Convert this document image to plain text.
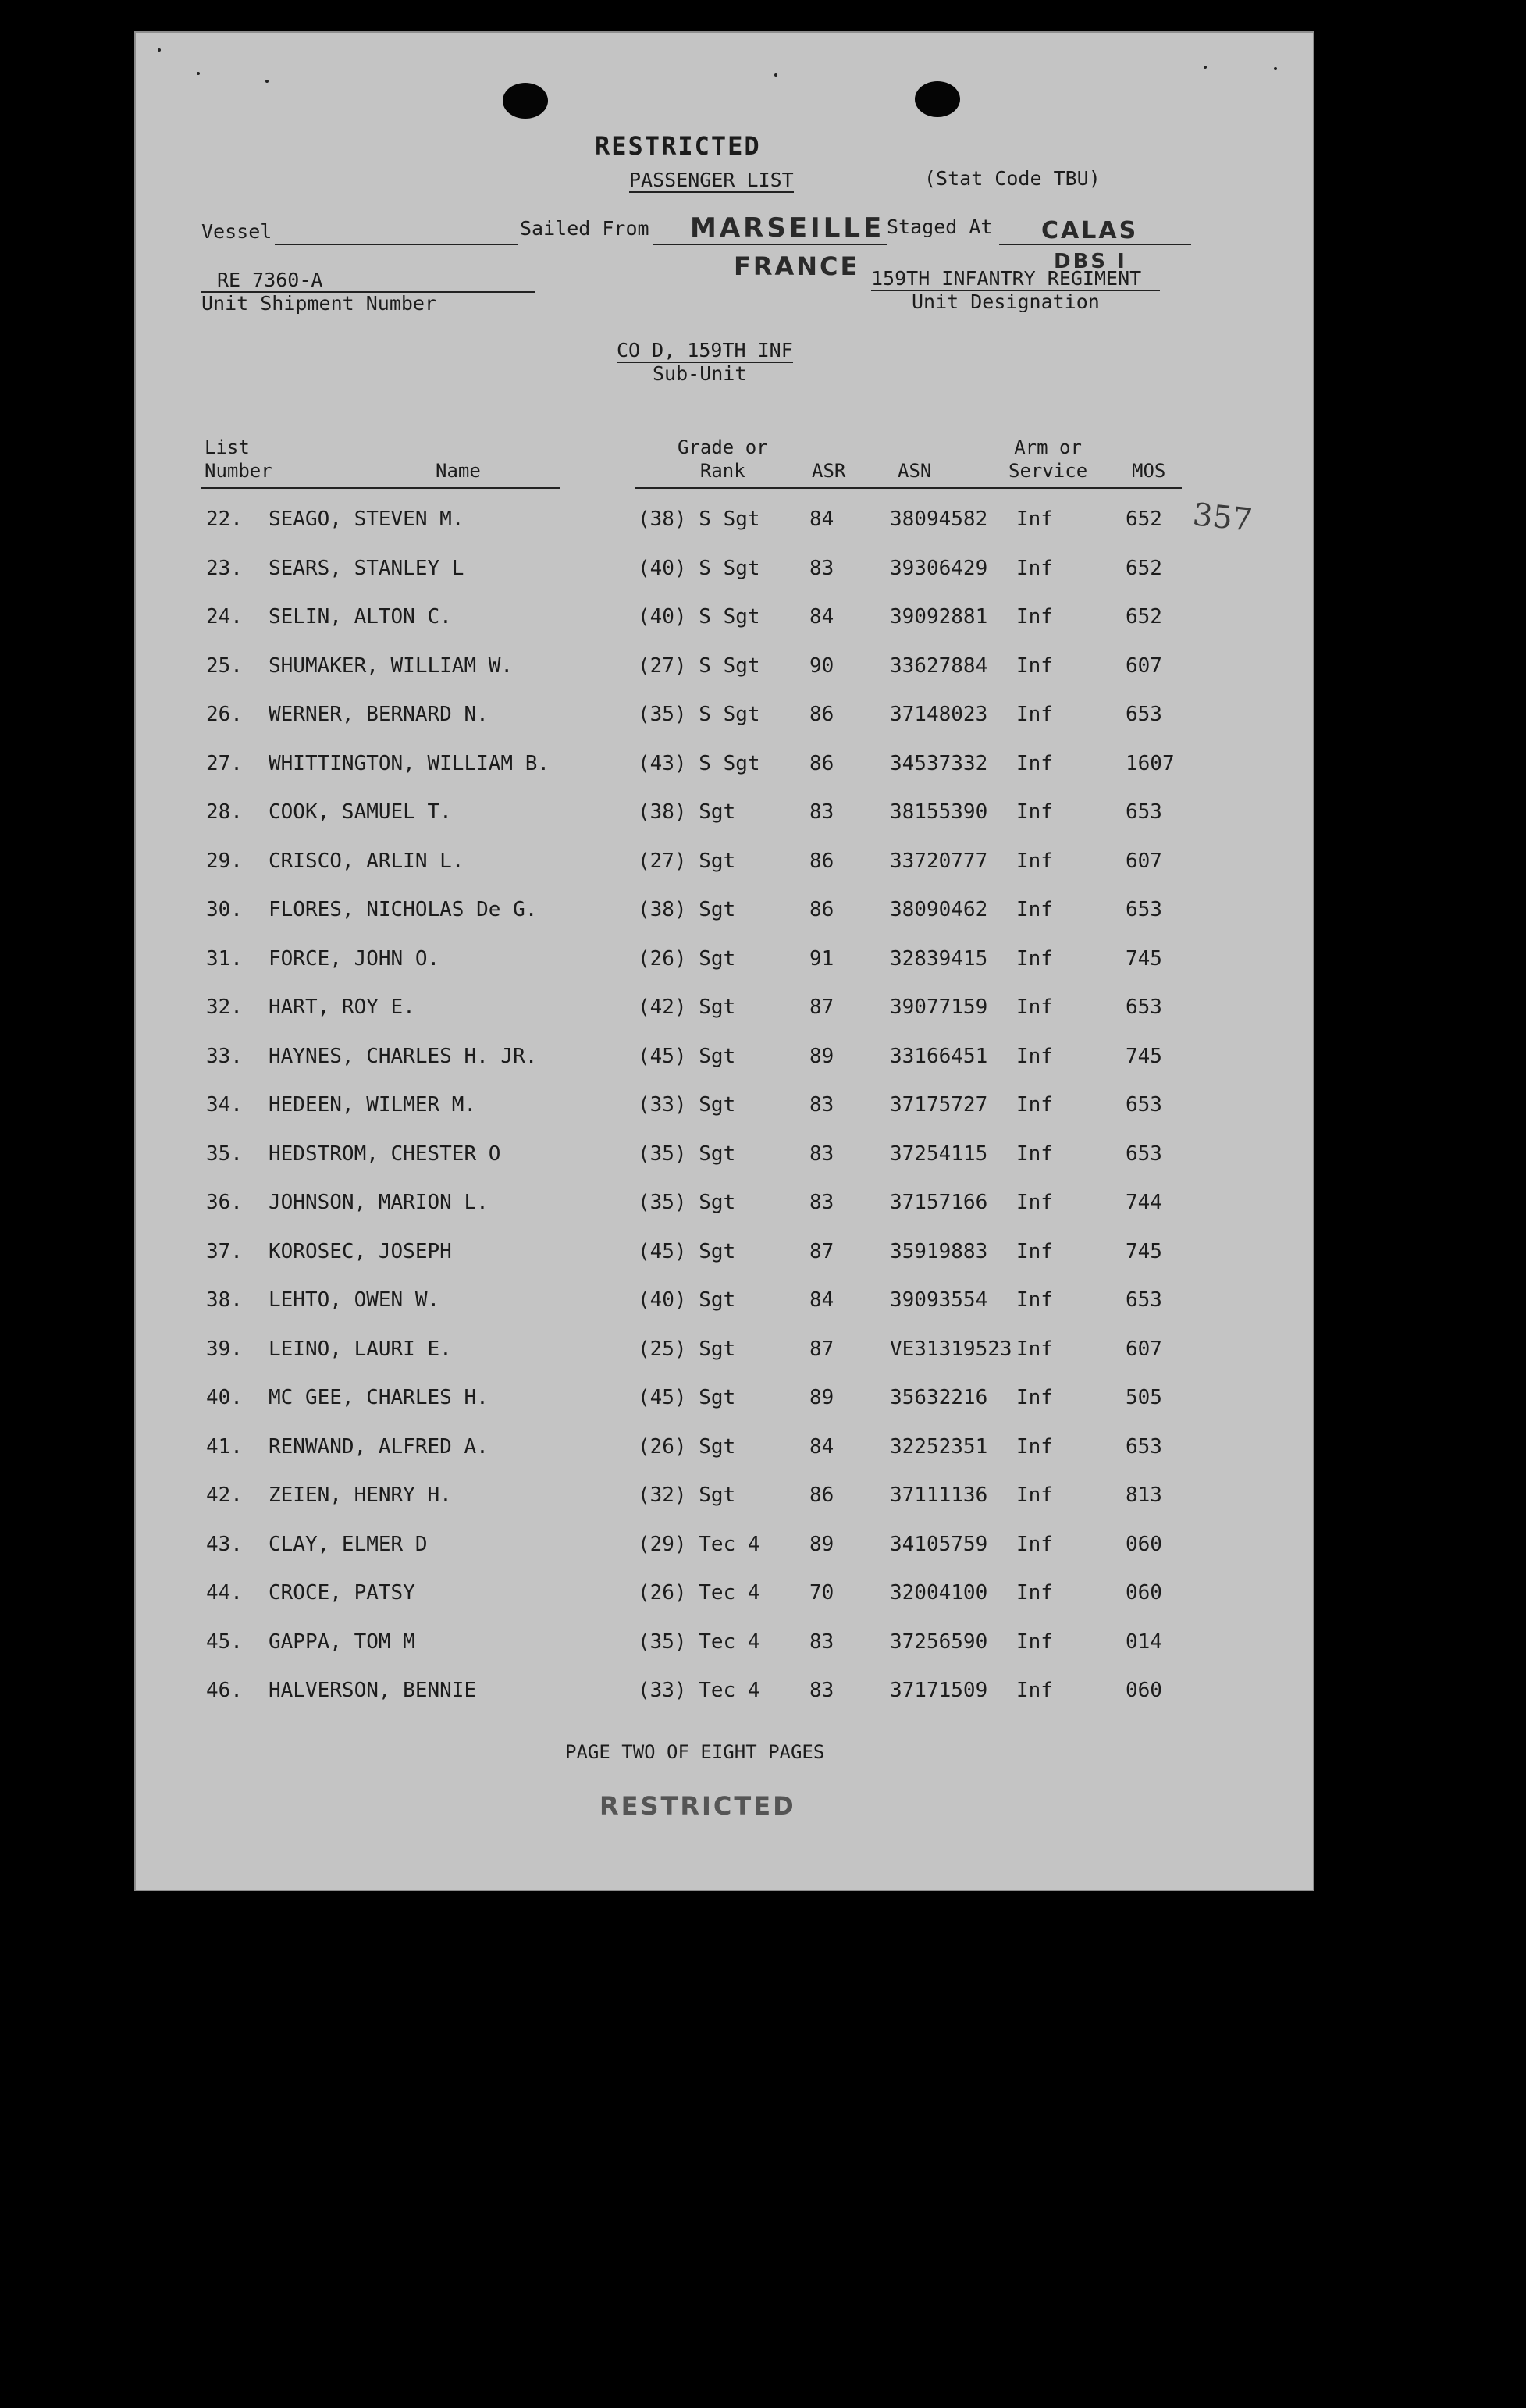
RESTRICTED
PASSENGER LIST	(Stat Code TBU)
Vessel	Sailed From MARSEILLE
FRANCE
Staged At CALAS
DBS I
RE 7360-A
Unit Shipment Number
159TH INFANTRY REGIMENT
Unit Designation
CO D, 159TH INF
Sub-Unit
List
Number	Name
Grade or
Rank	ASR	ASN
Arm or
Service MOS
357
22. SEAGO, STEVEN M.	(38) S Sgt 84	38094582 Inf	652
23. SEARS, STANLEY L	(40) S Sgt 83	39306429 Inf	652
24. SELIN, ALTON C.	(40) S Sgt 84	39092881 Inf	652
25. SHUMAKER, WILLIAM W.	(27) S Sgt 90	33627884 Inf	607
26. WERNER, BERNARD N.	(35) S Sgt 86	37148023 Inf	653
27. WHITTINGTON, WILLIAM B.	(43) S Sgt 86	34537332 Inf	1607
28. COOK, SAMUEL T.	(38) Sgt	83	38155390 Inf	653
29. CRISCO, ARLIN L.	(27) Sgt	86	33720777 Inf	607
30. FLORES, NICHOLAS De G.	(38) Sgt	86	38090462 Inf	653
31. FORCE, JOHN O.	(26) Sgt	91	32839415 Inf	745
32. HART, ROY E.	(42) Sgt	87	39077159 Inf	653
33. HAYNES, CHARLES H. JR.	(45) Sgt	89	33166451 Inf	745
34. HEDEEN, WILMER M.	(33) Sgt	83	37175727 Inf	653
35. HEDSTROM, CHESTER O	(35) Sgt	83	37254115 Inf	653
36. JOHNSON, MARION L.	(35) Sgt	83	37157166 Inf	744
37. KOROSEC, JOSEPH	(45) Sgt	87	35919883 Inf	745
38. LEHTO, OWEN W.	(40) Sgt	84	39093554 Inf	653
39. LEINO, LAURI E.	(25) Sgt	87	VE31319523 Inf	607
40. MC GEE, CHARLES H.	(45) Sgt	89	35632216 Inf	505
41. RENWAND, ALFRED A.	(26) Sgt	84	32252351 Inf	653
42. ZEIEN, HENRY H.	(32) Sgt	86	37111136 Inf	813
43. CLAY, ELMER D	(29) Tec 4 89	34105759 Inf	060
44. CROCE, PATSY	(26) Tec 4 70	32004100 Inf	060
45. GAPPA, TOM M	(35) Tec 4 83	37256590 Inf	014
46. HALVERSON, BENNIE	(33) Tec 4 83	37171509 Inf	060
PAGE TWO OF EIGHT PAGES
RESTRICTED
